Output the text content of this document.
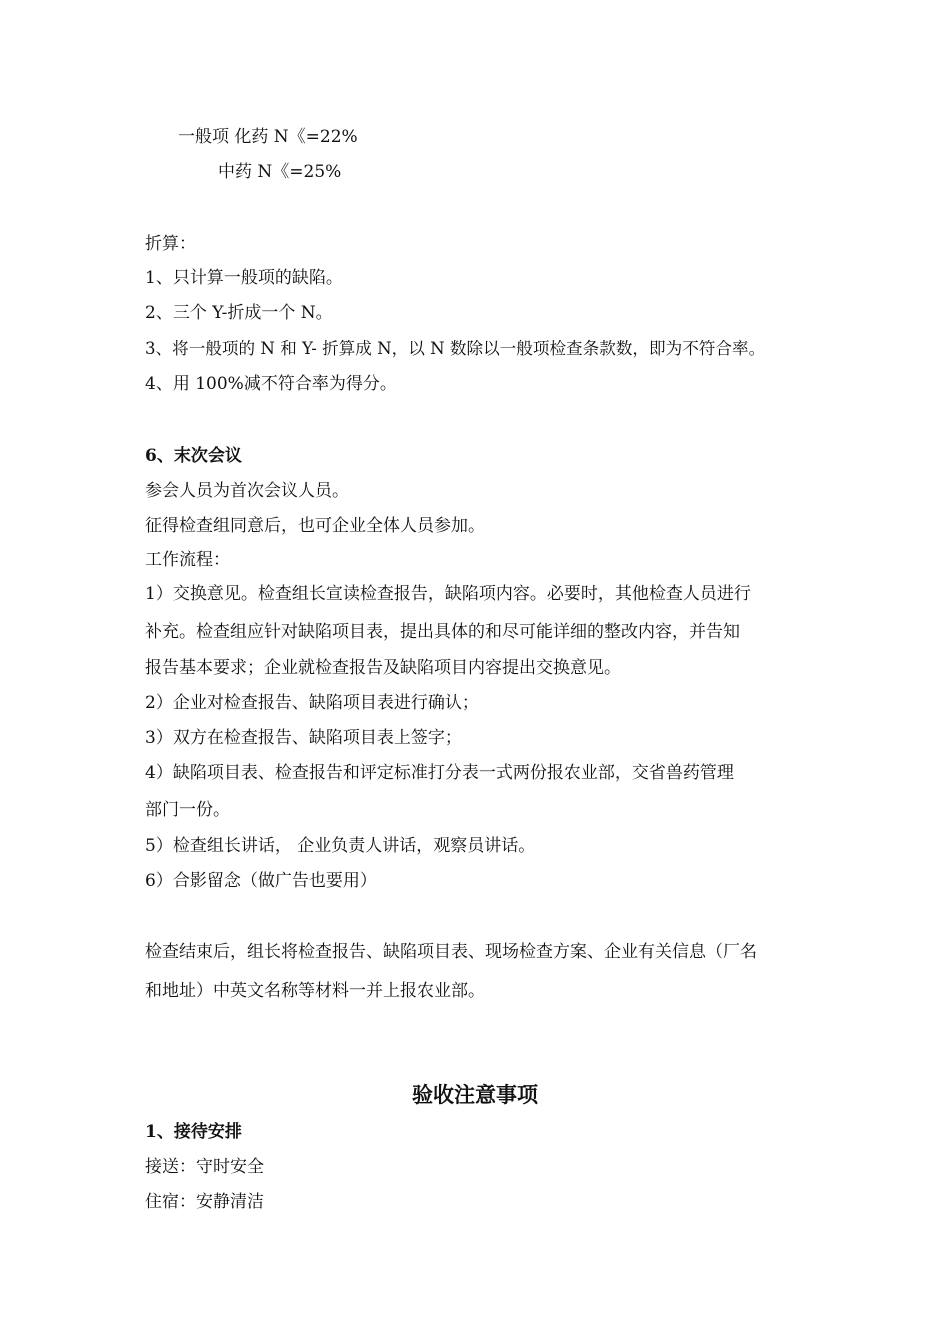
一般项 化药 N《=22%
中药 N《=25%
折算：
1、只计算一般项的缺陷。
2、三个 Y-折成一个 N。
3、将一般项的 N 和 Y- 折算成 N，以 N 数除以一般项检查条款数，即为不符合率。
4、用 100%减不符合率为得分。
6、末次会议
参会人员为首次会议人员。
征得检查组同意后，也可企业全体人员参加。
工作流程：
1）交换意见。检查组长宣读检查报告，缺陷项内容。必要时，其他检查人员进行
补充。检查组应针对缺陷项目表，提出具体的和尽可能详细的整改内容，并告知
报告基本要求；企业就检查报告及缺陷项目内容提出交换意见。
2）企业对检查报告、缺陷项目表进行确认；
3）双方在检查报告、缺陷项目表上签字；
4）缺陷项目表、检查报告和评定标准打分表一式两份报农业部，交省兽药管理
部门一份。
5）检查组长讲话， 企业负责人讲话，观察员讲话。
6）合影留念（做广告也要用）
检查结束后，组长将检查报告、缺陷项目表、现场检查方案、企业有关信息（厂名
和地址）中英文名称等材料一并上报农业部。
验收注意事项
1、接待安排
接送：守时安全
住宿：安静清洁
